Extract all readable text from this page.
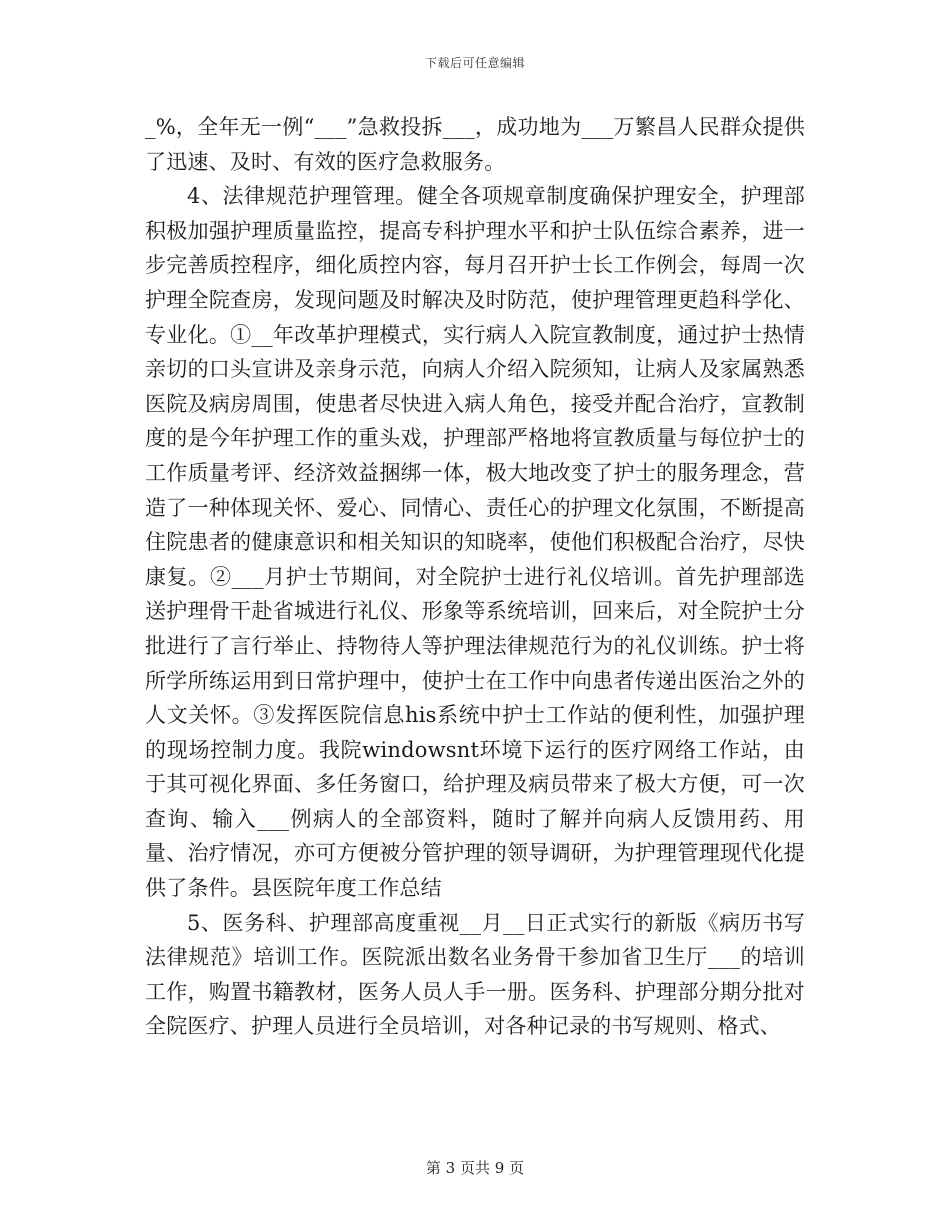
下载后可任意编辑

_%，全年无一例“___”急救投拆___，成功地为___万繁昌人民群众提供了迅速、及时、有效的医疗急救服务。

4、法律规范护理管理。健全各项规章制度确保护理安全，护理部积极加强护理质量监控，提高专科护理水平和护士队伍综合素养，进一步完善质控程序，细化质控内容，每月召开护士长工作例会，每周一次护理全院查房，发现问题及时解决及时防范，使护理管理更趋科学化、专业化。①__年改革护理模式，实行病人入院宣教制度，通过护士热情亲切的口头宣讲及亲身示范，向病人介绍入院须知，让病人及家属熟悉医院及病房周围，使患者尽快进入病人角色，接受并配合治疗，宣教制度的是今年护理工作的重头戏，护理部严格地将宣教质量与每位护士的工作质量考评、经济效益捆绑一体，极大地改变了护士的服务理念，营造了一种体现关怀、爱心、同情心、责任心的护理文化氛围，不断提高住院患者的健康意识和相关知识的知晓率，使他们积极配合治疗，尽快康复。②___月护士节期间，对全院护士进行礼仪培训。首先护理部选送护理骨干赴省城进行礼仪、形象等系统培训，回来后，对全院护士分批进行了言行举止、持物待人等护理法律规范行为的礼仪训练。护士将所学所练运用到日常护理中，使护士在工作中向患者传递出医治之外的人文关怀。③发挥医院信息his系统中护士工作站的便利性，加强护理的现场控制力度。我院windowsnt环境下运行的医疗网络工作站，由于其可视化界面、多任务窗口，给护理及病员带来了极大方便，可一次查询、输入___例病人的全部资料，随时了解并向病人反馈用药、用量、治疗情况，亦可方便被分管护理的领导调研，为护理管理现代化提供了条件。县医院年度工作总结

5、医务科、护理部高度重视__月__日正式实行的新版《病历书写法律规范》培训工作。医院派出数名业务骨干参加省卫生厅___的培训工作，购置书籍教材，医务人员人手一册。医务科、护理部分期分批对全院医疗、护理人员进行全员培训，对各种记录的书写规则、格式、

第 3 页共 9 页
